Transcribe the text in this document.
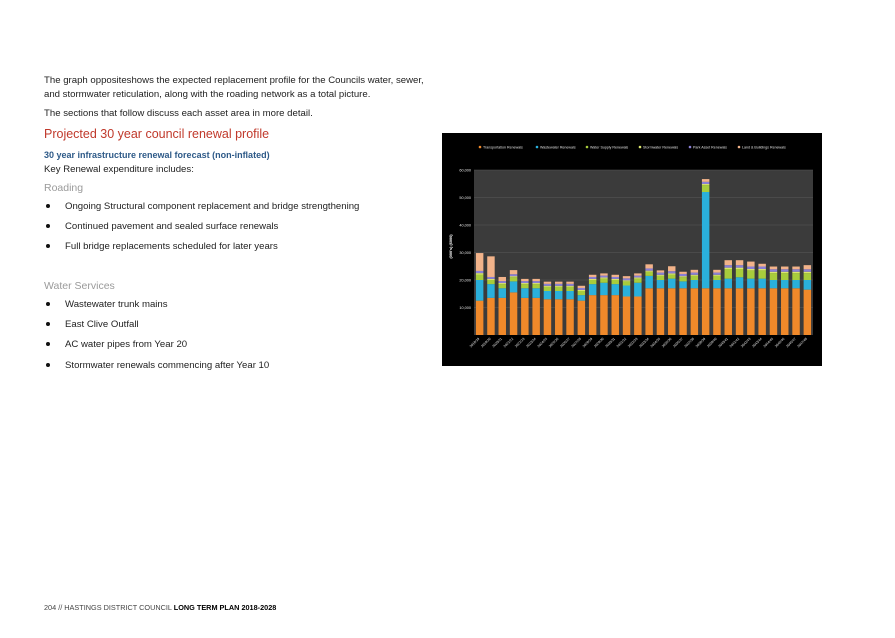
The graph oppositeshows the expected replacement profile for the Councils water, sewer,

and stormwater reticulation, along with the roading network as a total picture.

The sections that follow discuss each asset area in more detail.

Projected 30 year council renewal profile

30 year infrastructure renewal forecast (non-inflated)

Key Renewal expenditure includes:

Roading

Ongoing Structural component replacement and bridge strengthening
Continued pavement and sealed surface renewals
Full bridge replacements scheduled for later years

Water Services

Wastewater trunk mains
East Clive Outfall
AC water pipes from Year 20
Stormwater renewals commencing after Year 10
10,000
20,000
30,000
40,000
50,000
60,000
(000's) ($000)
Transportation Renewals	Wastewater Renewals	Water Supply Renewals	Stormwater Renewals	Park Asset Renewals	Land & Buildings Renewals
2018/19 2019/20 2020/21 2021/22 2022/23 2023/24 2024/25 2025/26 2026/27 2027/28 2028/29 2029/30 2030/31 2031/32 2032/33 2033/34 2034/35 2035/36 2036/37 2037/38 2038/39 2039/40 2040/41 2041/42 2042/43 2043/44 2044/45 2045/46 2046/47 2047/48

204 // HASTINGS DISTRICT COUNCIL LONG TERM PLAN 2018-2028
